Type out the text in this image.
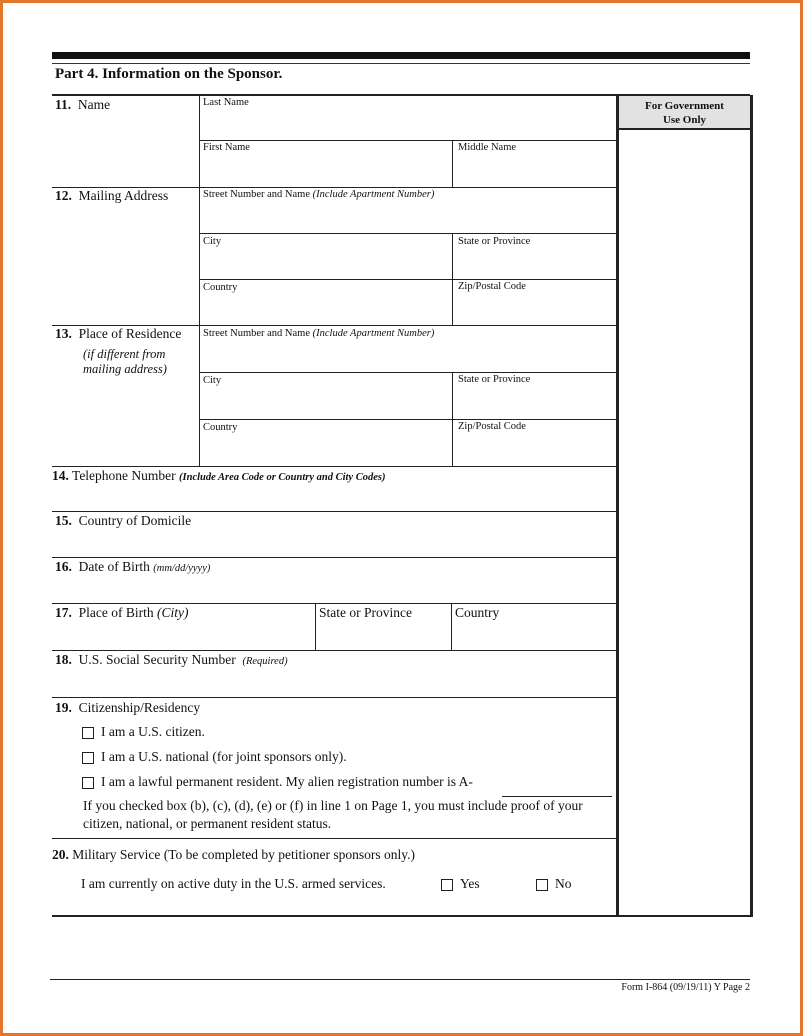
Part 4. Information on the Sponsor.
For Government
Use Only
11. Name	Last Name
First Name	Middle Name
12. Mailing Address	Street Number and Name (Include Apartment Number)
City	State or Province
Country	Zip/Postal Code
13. Place of Residence
(if different from
mailing address)
Street Number and Name (Include Apartment Number)
City	State or Province
Country	Zip/Postal Code
14. Telephone Number (Include Area Code or Country and City Codes)
15. Country of Domicile
16. Date of Birth (mm/dd/yyyy)
17. Place of Birth (City)	State or Province	Country
18. U.S. Social Security Number (Required)
19. Citizenship/Residency
I am a U.S. citizen.
I am a U.S. national (for joint sponsors only).
I am a lawful permanent resident. My alien registration number is A-
If you checked box (b), (c), (d), (e) or (f) in line 1 on Page 1, you must include proof of your
citizen, national, or permanent resident status.
20. Military Service (To be completed by petitioner sponsors only.)
I am currently on active duty in the U.S. armed services.	Yes	No
Form I-864 (09/19/11) Y Page 2
